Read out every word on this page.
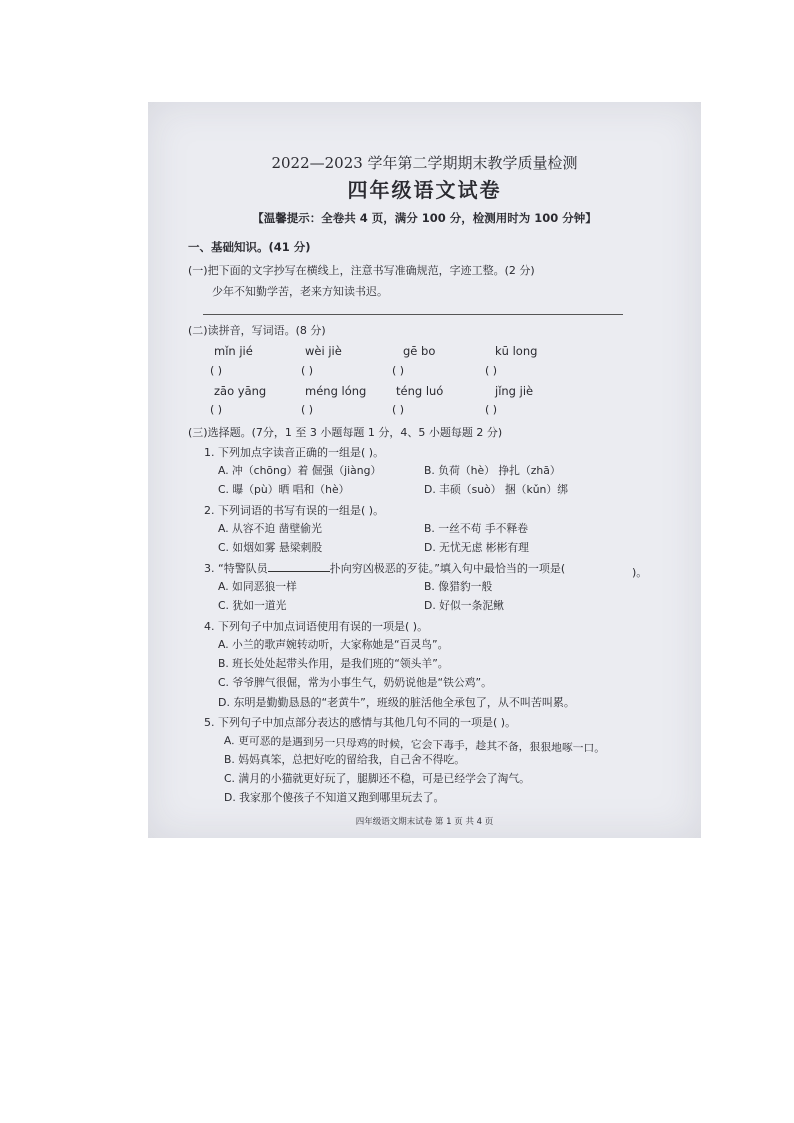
2022—2023 学年第二学期期末教学质量检测
四年级语文试卷
【温馨提示：全卷共 4 页，满分 100 分，检测用时为 100 分钟】
一、基础知识。(41 分)
(一)把下面的文字抄写在横线上，注意书写准确规范，字迹工整。(2 分)
少年不知勤学苦，老来方知读书迟。
(二)读拼音，写词语。(8 分)
mǐn jié	wèi jiè	gē bo	kū long
( )	( )	( )	( )
zāo yāng	méng lóng	téng luó	jǐng jiè
( )	( )	( )	( )
(三)选择题。(7分，1 至 3 小题每题 1 分，4、5 小题每题 2 分)
1. 下列加点字读音正确的一组是( )。
A. 冲（chōng）着 倔强（jiàng）	B. 负荷（hè） 挣扎（zhā）
C. 曝（pù）晒 唱和（hè）	D. 丰硕（suò） 捆（kǔn）绑
2. 下列词语的书写有误的一组是( )。
A. 从容不迫 凿壁偷光	B. 一丝不苟 手不释卷
C. 如烟如雾 悬梁刺股	D. 无忧无虑 彬彬有理
3. “特警队员	扑向穷凶极恶的歹徒。”填入句中最恰当的一项是(	)。
A. 如同恶狼一样	B. 像猎豹一般
C. 犹如一道光	D. 好似一条泥鳅
4. 下列句子中加点词语使用有误的一项是( )。
A. 小兰的歌声婉转动听，大家称她是“百灵鸟”。
B. 班长处处起带头作用，是我们班的“领头羊”。
C. 爷爷脾气很倔，常为小事生气，奶奶说他是“铁公鸡”。
D. 东明是勤勤恳恳的“老黄牛”，班级的脏活他全承包了，从不叫苦叫累。
5. 下列句子中加点部分表达的感情与其他几句不同的一项是( )。
A. 更可恶的是遇到另一只母鸡的时候，它会下毒手，趁其不备，狠狠地啄一口。
B. 妈妈真笨，总把好吃的留给我，自己舍不得吃。
C. 满月的小猫就更好玩了，腿脚还不稳，可是已经学会了淘气。
D. 我家那个傻孩子不知道又跑到哪里玩去了。
四年级语文期末试卷 第 1 页 共 4 页
